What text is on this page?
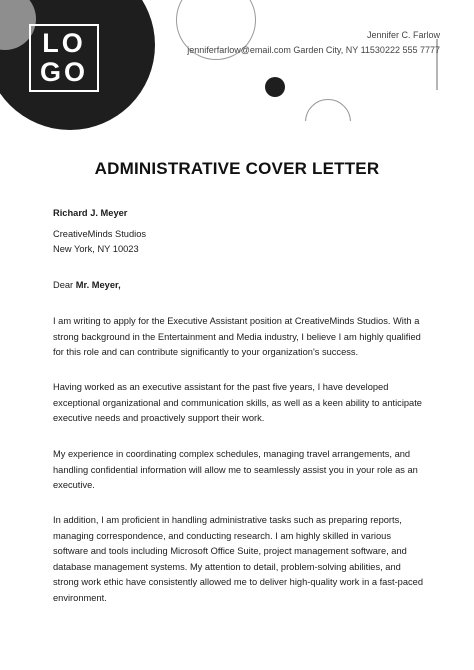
LO
GO
Jennifer C. Farlow
jenniferfarlow@email.com Garden City, NY 11530222 555 7777
ADMINISTRATIVE COVER LETTER
Richard J. Meyer
CreativeMinds Studios
New York, NY 10023
Dear Mr. Meyer,

I am writing to apply for the Executive Assistant position at CreativeMinds Studios. With a strong background in the Entertainment and Media industry, I believe I am highly qualified for this role and can contribute significantly to your organization's success.

Having worked as an executive assistant for the past five years, I have developed exceptional organizational and communication skills, as well as a keen ability to anticipate executive needs and proactively support their work.

My experience in coordinating complex schedules, managing travel arrangements, and handling confidential information will allow me to seamlessly assist you in your role as an executive.

In addition, I am proficient in handling administrative tasks such as preparing reports, managing correspondence, and conducting research. I am highly skilled in various software and tools including Microsoft Office Suite, project management software, and database management systems. My attention to detail, problem-solving abilities, and strong work ethic have consistently allowed me to deliver high-quality work in a fast-paced environment.
